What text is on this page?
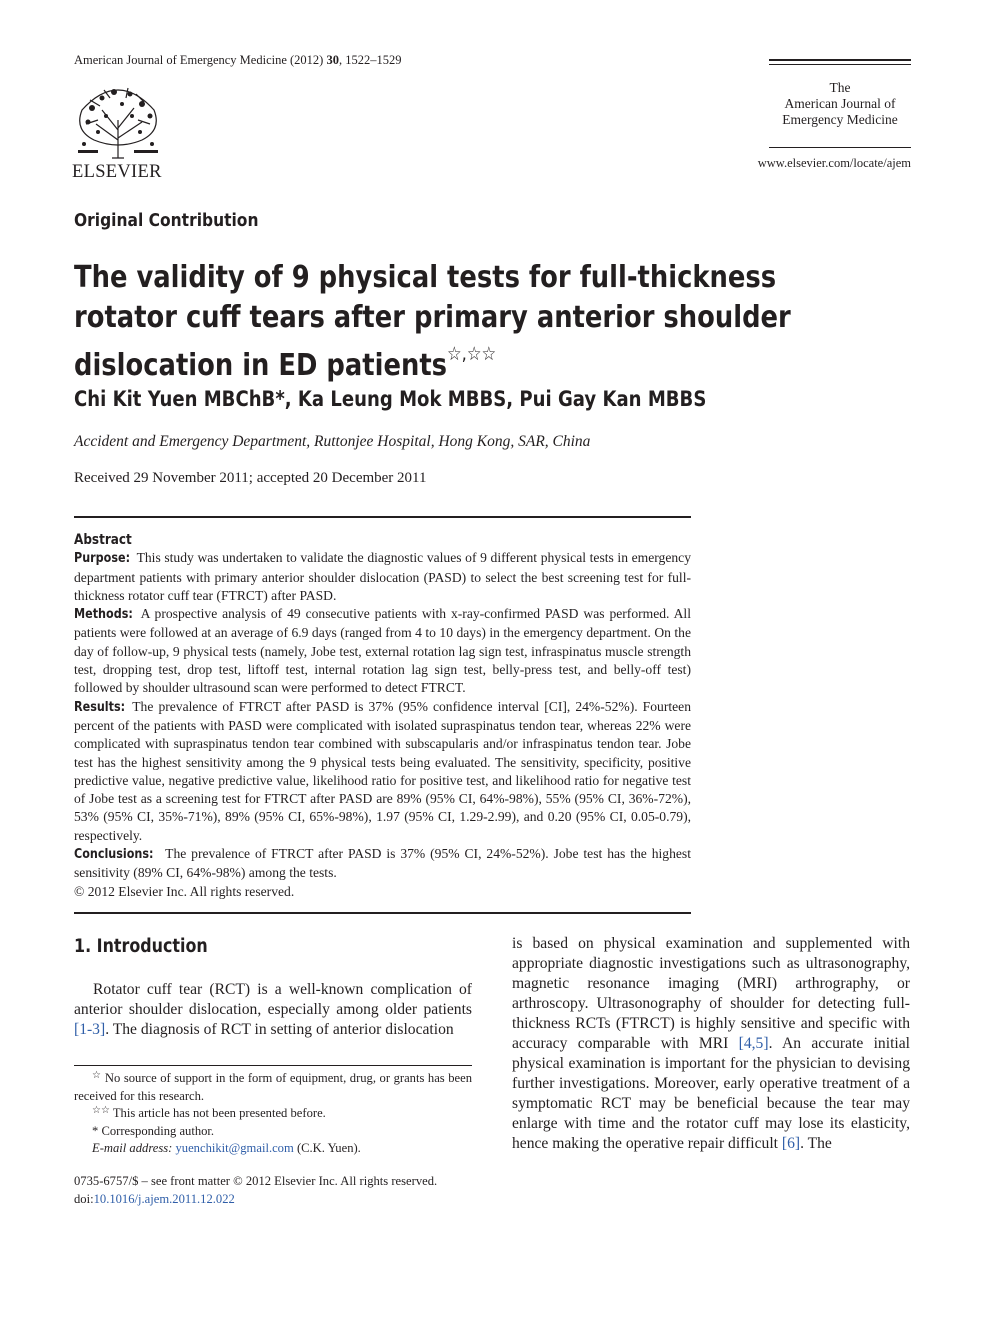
American Journal of Emergency Medicine (2012) 30, 1522–1529
ELSEVIER
The
American Journal of
Emergency Medicine
www.elsevier.com/locate/ajem
Original Contribution
The validity of 9 physical tests for full-thickness rotator cuff tears after primary anterior shoulder dislocation in ED patients☆,☆☆
Chi Kit Yuen MBChB*, Ka Leung Mok MBBS, Pui Gay Kan MBBS
Accident and Emergency Department, Ruttonjee Hospital, Hong Kong, SAR, China
Received 29 November 2011; accepted 20 December 2011
Abstract

Purpose: This study was undertaken to validate the diagnostic values of 9 different physical tests in emergency department patients with primary anterior shoulder dislocation (PASD) to select the best screening test for full-thickness rotator cuff tear (FTRCT) after PASD.

Methods: A prospective analysis of 49 consecutive patients with x-ray-confirmed PASD was performed. All patients were followed at an average of 6.9 days (ranged from 4 to 10 days) in the emergency department. On the day of follow-up, 9 physical tests (namely, Jobe test, external rotation lag sign test, infraspinatus muscle strength test, dropping test, drop test, liftoff test, internal rotation lag sign test, belly-press test, and belly-off test) followed by shoulder ultrasound scan were performed to detect FTRCT.

Results: The prevalence of FTRCT after PASD is 37% (95% confidence interval [CI], 24%-52%). Fourteen percent of the patients with PASD were complicated with isolated supraspinatus tendon tear, whereas 22% were complicated with supraspinatus tendon tear combined with subscapularis and/or infraspinatus tendon tear. Jobe test has the highest sensitivity among the 9 physical tests being evaluated. The sensitivity, specificity, positive predictive value, negative predictive value, likelihood ratio for positive test, and likelihood ratio for negative test of Jobe test as a screening test for FTRCT after PASD are 89% (95% CI, 64%-98%), 55% (95% CI, 36%-72%), 53% (95% CI, 35%-71%), 89% (95% CI, 65%-98%), 1.97 (95% CI, 1.29-2.99), and 0.20 (95% CI, 0.05-0.79), respectively.

Conclusions: The prevalence of FTRCT after PASD is 37% (95% CI, 24%-52%). Jobe test has the highest sensitivity (89% CI, 64%-98%) among the tests.

© 2012 Elsevier Inc. All rights reserved.

1. Introduction
Rotator cuff tear (RCT) is a well-known complication of anterior shoulder dislocation, especially among older patients [1-3]. The diagnosis of RCT in setting of anterior dislocation
is based on physical examination and supplemented with appropriate diagnostic investigations such as ultrasonography, magnetic resonance imaging (MRI) arthrography, or arthroscopy. Ultrasonography of shoulder for detecting full-thickness RCTs (FTRCT) is highly sensitive and specific with accuracy comparable with MRI [4,5]. An accurate initial physical examination is important for the physician to devising further investigations. Moreover, early operative treatment of a symptomatic RCT may be beneficial because the tear may enlarge with time and the rotator cuff may lose its elasticity, hence making the operative repair difficult [6]. The

☆ No source of support in the form of equipment, drug, or grants has been received for this research.

☆☆ This article has not been presented before.

* Corresponding author.

E-mail address: yuenchikit@gmail.com (C.K. Yuen).

0735-6757/$ – see front matter © 2012 Elsevier Inc. All rights reserved.

doi:10.1016/j.ajem.2011.12.022
